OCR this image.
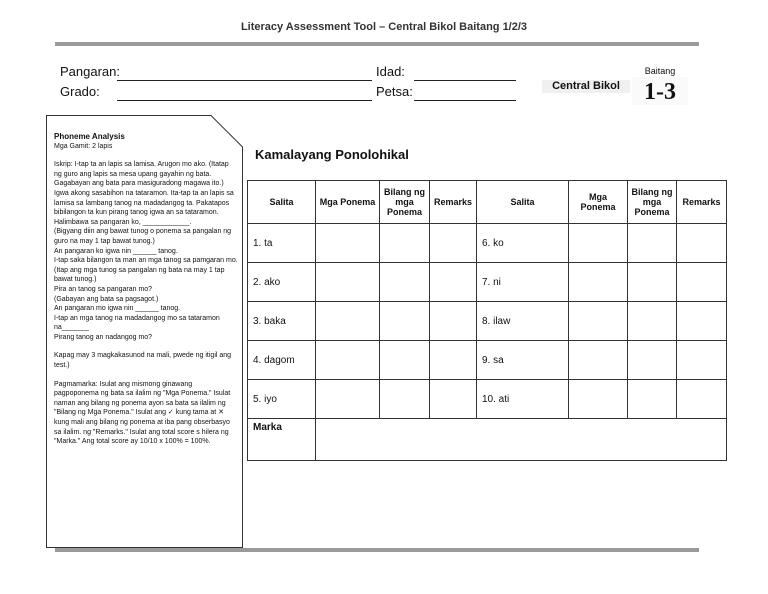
Literacy Assessment Tool – Central Bikol Baitang 1/2/3
Pangaran:
Grado:
Idad:
Petsa:	Central Bikol
Baitang
1-3

Phoneme Analysis

Mga Gamit: 2 lapis

Iskrip: I-tap ta an lapis sa lamisa. Arugon mo ako. (Itatap ng guro ang lapis sa mesa upang gayahin ng bata. Gagabayan ang bata para masiguradong magawa ito.)

Igwa akong sasabihon na tataramon. Ita-tap ta an lapis sa lamisa sa lambang tanog na madadangog ta. Pakatapos bibilangon ta kun pirang tanog igwa an sa tataramon.

Halimbawa sa pangaran ko, ____________.

(Bigyang diin ang bawat tunog o ponema sa pangalan ng guro na may 1 tap bawat tunog.)

An pangaran ko igwa nin ______ tanog.

I-tap saka bilangon ta man an mga tanog sa pamgaran mo.

(Itap ang mga tunog sa pangalan ng bata na may 1 tap bawat tunog.)

Pira an tanog sa pangaran mo?

(Gabayan ang bata sa pagsagot.)

An pangaran mo igwa nin ______ tanog.

I-tap an mga tanog na madadangog mo sa tataramon na_______

Pirang tanog an nadangog mo?

Kapag may 3 magkakasunod na mali, pwede ng itigil ang test.)

Pagmamarka: Isulat ang mismong ginawang pagpoponema ng bata sa ilalim ng "Mga Ponema." Isulat naman ang bilang ng ponema ayon sa bata sa ilalim ng "Bilang ng Mga Ponema." Isulat ang ✓ kung tama at ✕ kung mali ang bilang ng ponema at iba pang obserbasyo sa ilalim. ng "Remarks." Isulat ang total score s hilera ng "Marka." Ang total score ay 10/10 x 100% = 100%.

Kamalayang Ponolohikal
Salita	Mga Ponema	Bilang ng mga Ponema	Remarks	Salita	Mga Ponema	Bilang ng mga Ponema	Remarks
1. ta				6. ko			
2. ako				7. ni			
3. baka				8. ilaw			
4. dagom				9. sa			
5. iyo				10. ati			
Marka							
